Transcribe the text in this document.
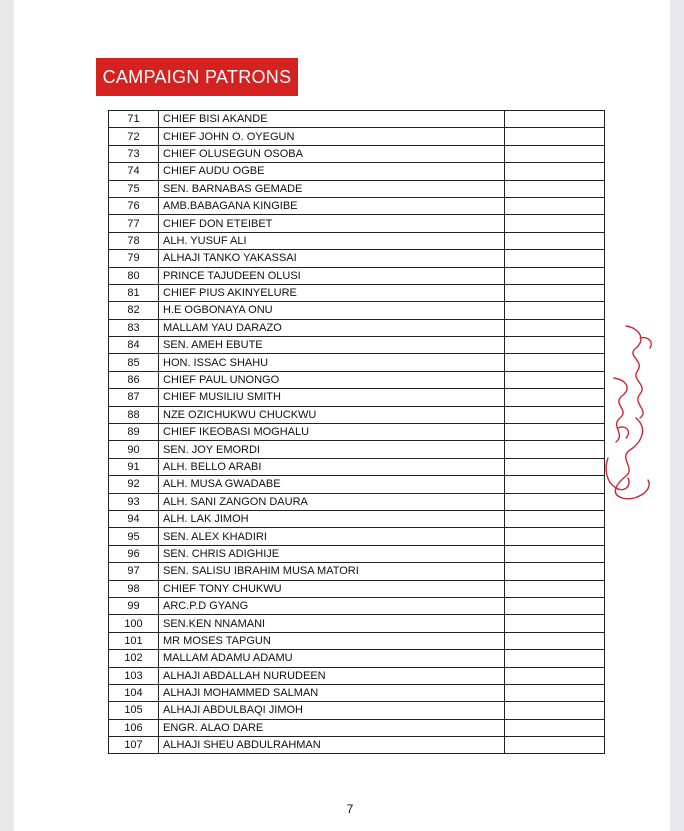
CAMPAIGN PATRONS
71	CHIEF BISI AKANDE	
72	CHIEF JOHN O. OYEGUN	
73	CHIEF OLUSEGUN OSOBA	
74	CHIEF AUDU OGBE	
75	SEN. BARNABAS GEMADE	
76	AMB.BABAGANA KINGIBE	
77	CHIEF DON ETEIBET	
78	ALH. YUSUF ALI	
79	ALHAJI TANKO YAKASSAI	
80	PRINCE TAJUDEEN OLUSI	
81	CHIEF PIUS AKINYELURE	
82	H.E OGBONAYA ONU	
83	MALLAM YAU DARAZO	
84	SEN. AMEH EBUTE	
85	HON. ISSAC SHAHU	
86	CHIEF PAUL UNONGO	
87	CHIEF MUSILIU SMITH	
88	NZE OZICHUKWU CHUCKWU	
89	CHIEF IKEOBASI MOGHALU	
90	SEN. JOY EMORDI	
91	ALH. BELLO ARABI	
92	ALH. MUSA GWADABE	
93	ALH. SANI ZANGON DAURA	
94	ALH. LAK JIMOH	
95	SEN. ALEX KHADIRI	
96	SEN. CHRIS ADIGHIJE	
97	SEN. SALISU IBRAHIM MUSA MATORI	
98	CHIEF TONY CHUKWU	
99	ARC.P.D GYANG	
100	SEN.KEN NNAMANI	
101	MR MOSES TAPGUN	
102	MALLAM ADAMU ADAMU	
103	ALHAJI ABDALLAH NURUDEEN	
104	ALHAJI MOHAMMED SALMAN	
105	ALHAJI ABDULBAQI JIMOH	
106	ENGR. ALAO DARE	
107	ALHAJI SHEU ABDULRAHMAN	
7
